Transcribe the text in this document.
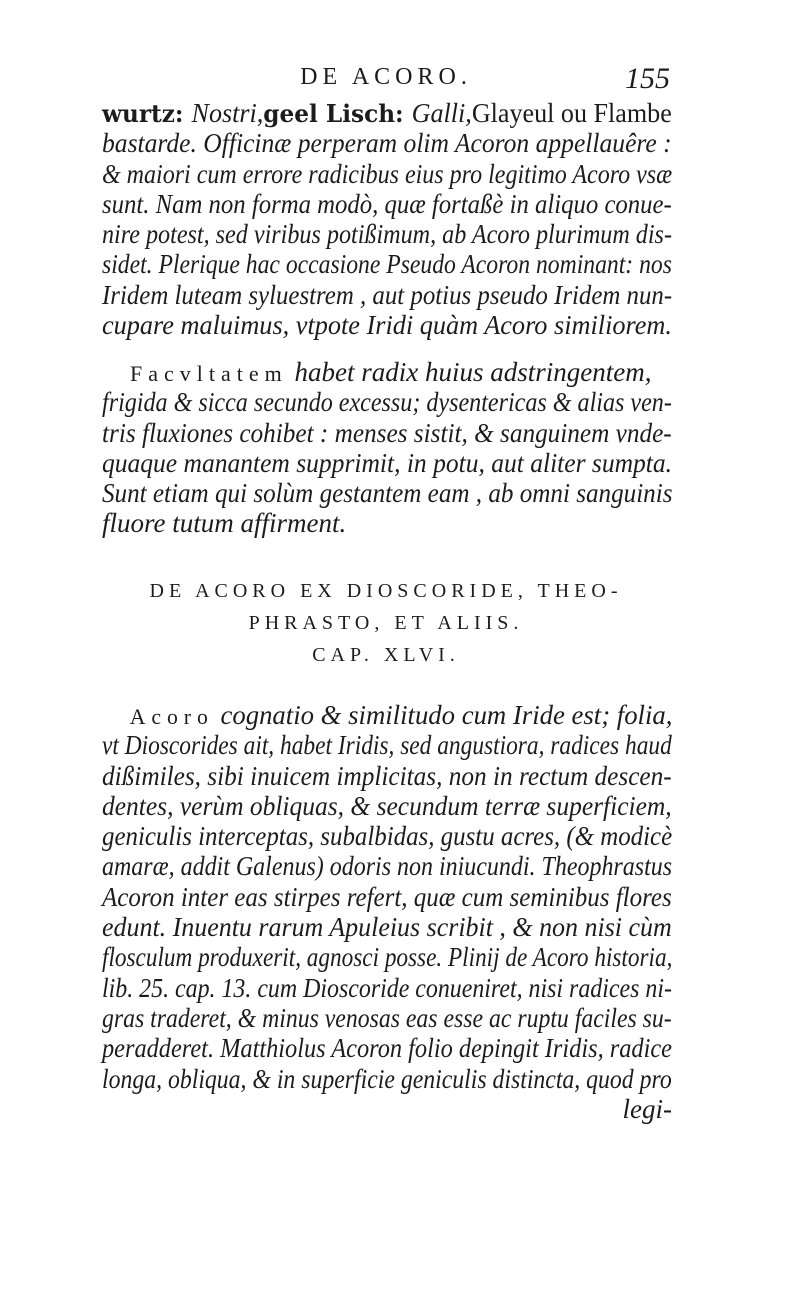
DE ACORO.	155
wurtz: Nostri,geel Lisch: Galli,Glayeul ou Flambe
bastarde. Officinæ perperam olim Acoron appellauêre :
& maiori cum errore radicibus eius pro legitimo Acoro vsæ
sunt. Nam non forma modò, quæ fortaßè in aliquo conue-
nire potest, sed viribus potißimum, ab Acoro plurimum dis-
sidet. Plerique hac occasione Pseudo Acoron nominant: nos
Iridem luteam syluestrem , aut potius pseudo Iridem nun-
cupare maluimus, vtpote Iridi quàm Acoro similiorem.
Facvltatem habet radix huius adstringentem,
frigida & sicca secundo excessu; dysentericas & alias ven-
tris fluxiones cohibet : menses sistit, & sanguinem vnde-
quaque manantem supprimit, in potu, aut aliter sumpta.
Sunt etiam qui solùm gestantem eam , ab omni sanguinis
fluore tutum affirment.
DE ACORO EX DIOSCORIDE, THEO-
PHRASTO, ET ALIIS.
CAP. XLVI.
Acoro cognatio & similitudo cum Iride est; folia,
vt Dioscorides ait, habet Iridis, sed angustiora, radices haud
dißimiles, sibi inuicem implicitas, non in rectum descen-
dentes, verùm obliquas, & secundum terræ superficiem,
geniculis interceptas, subalbidas, gustu acres, (& modicè
amaræ, addit Galenus) odoris non iniucundi. Theophrastus
Acoron inter eas stirpes refert, quæ cum seminibus flores
edunt. Inuentu rarum Apuleius scribit , & non nisi cùm
flosculum produxerit, agnosci posse. Plinij de Acoro historia,
lib. 25. cap. 13. cum Dioscoride conueniret, nisi radices ni-
gras traderet, & minus venosas eas esse ac ruptu faciles su-
peradderet. Matthiolus Acoron folio depingit Iridis, radice
longa, obliqua, & in superficie geniculis distincta, quod pro
legi-
